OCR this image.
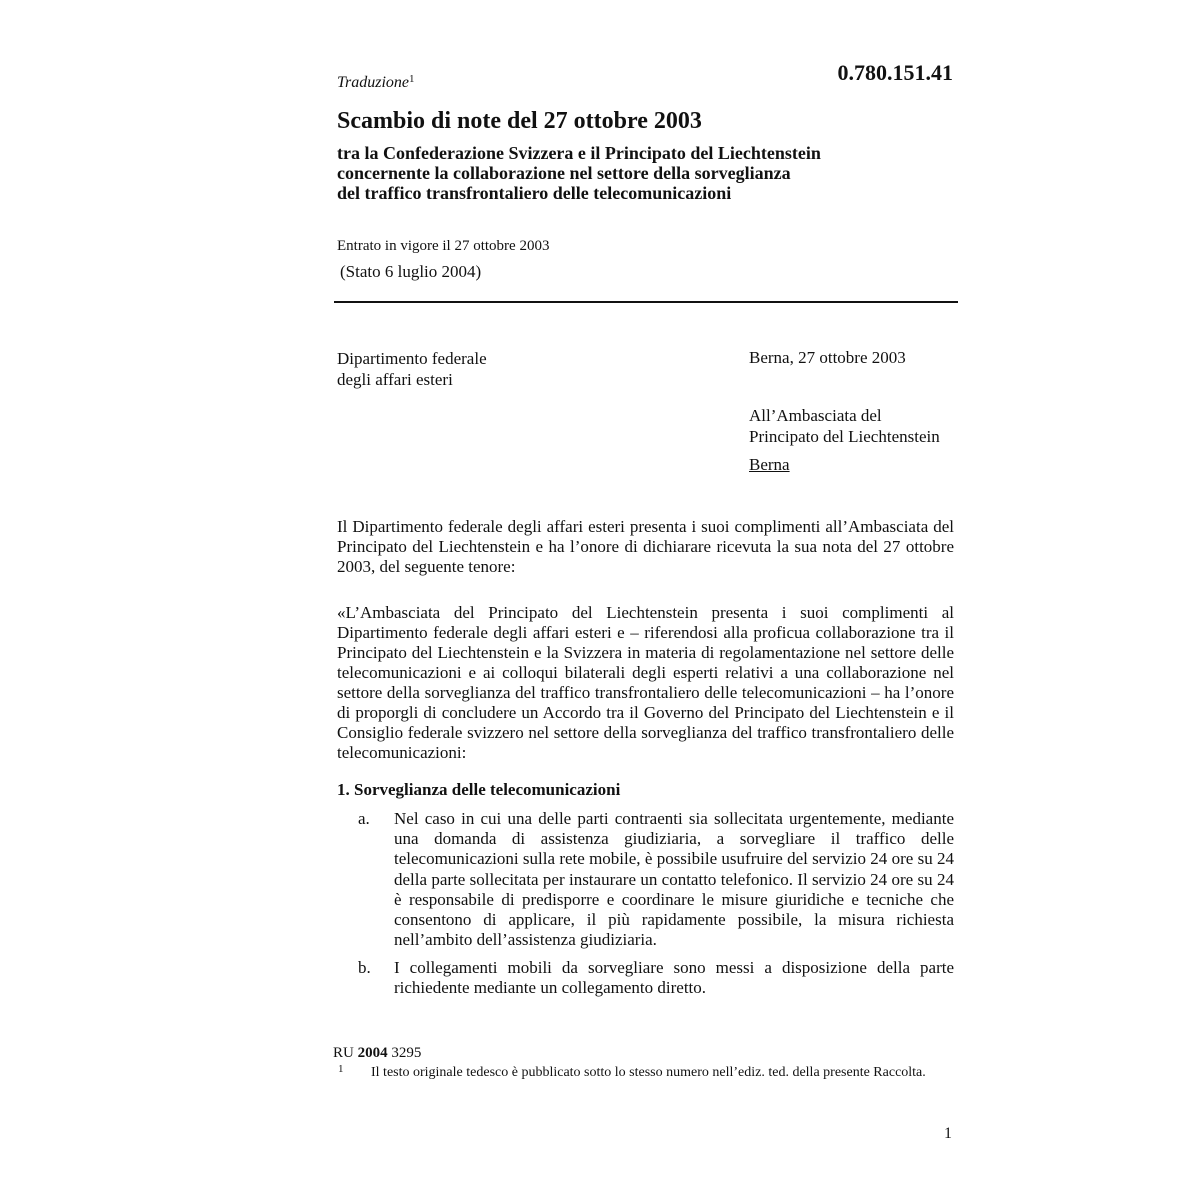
Traduzione$^1$	0.780.151.41
Scambio di note del 27 ottobre 2003
tra la Confederazione Svizzera e il Principato del Liechtenstein
concernente la collaborazione nel settore della sorveglianza
del traffico transfrontaliero delle telecomunicazioni
Entrato in vigore il 27 ottobre 2003
(Stato 6 luglio 2004)
Dipartimento federale
degli affari esteri
Berna, 27 ottobre 2003
All’Ambasciata del
Principato del Liechtenstein
Berna
Il Dipartimento federale degli affari esteri presenta i suoi complimenti all’Ambasciata del Principato del Liechtenstein e ha l’onore di dichiarare ricevuta la sua nota del 27 ottobre 2003, del seguente tenore:
«L’Ambasciata del Principato del Liechtenstein presenta i suoi complimenti al Dipartimento federale degli affari esteri e – riferendosi alla proficua collaborazione tra il Principato del Liechtenstein e la Svizzera in materia di regolamentazione nel settore delle telecomunicazioni e ai colloqui bilaterali degli esperti relativi a una collaborazione nel settore della sorveglianza del traffico transfrontaliero delle telecomunicazioni – ha l’onore di proporgli di concludere un Accordo tra il Governo del Principato del Liechtenstein e il Consiglio federale svizzero nel settore della sorveglianza del traffico transfrontaliero delle telecomunicazioni:
1. Sorveglianza delle telecomunicazioni
a. Nel caso in cui una delle parti contraenti sia sollecitata urgentemente, mediante una domanda di assistenza giudiziaria, a sorvegliare il traffico delle telecomunicazioni sulla rete mobile, è possibile usufruire del servizio 24 ore su 24 della parte sollecitata per instaurare un contatto telefonico. Il servizio 24 ore su 24 è responsabile di predisporre e coordinare le misure giuridiche e tecniche che consentono di applicare, il più rapidamente possibile, la misura richiesta nell’ambito dell’assistenza giudiziaria.
b. I collegamenti mobili da sorvegliare sono messi a disposizione della parte richiedente mediante un collegamento diretto.
RU 2004 3295
1 Il testo originale tedesco è pubblicato sotto lo stesso numero nell’ediz. ted. della presente Raccolta.
1
